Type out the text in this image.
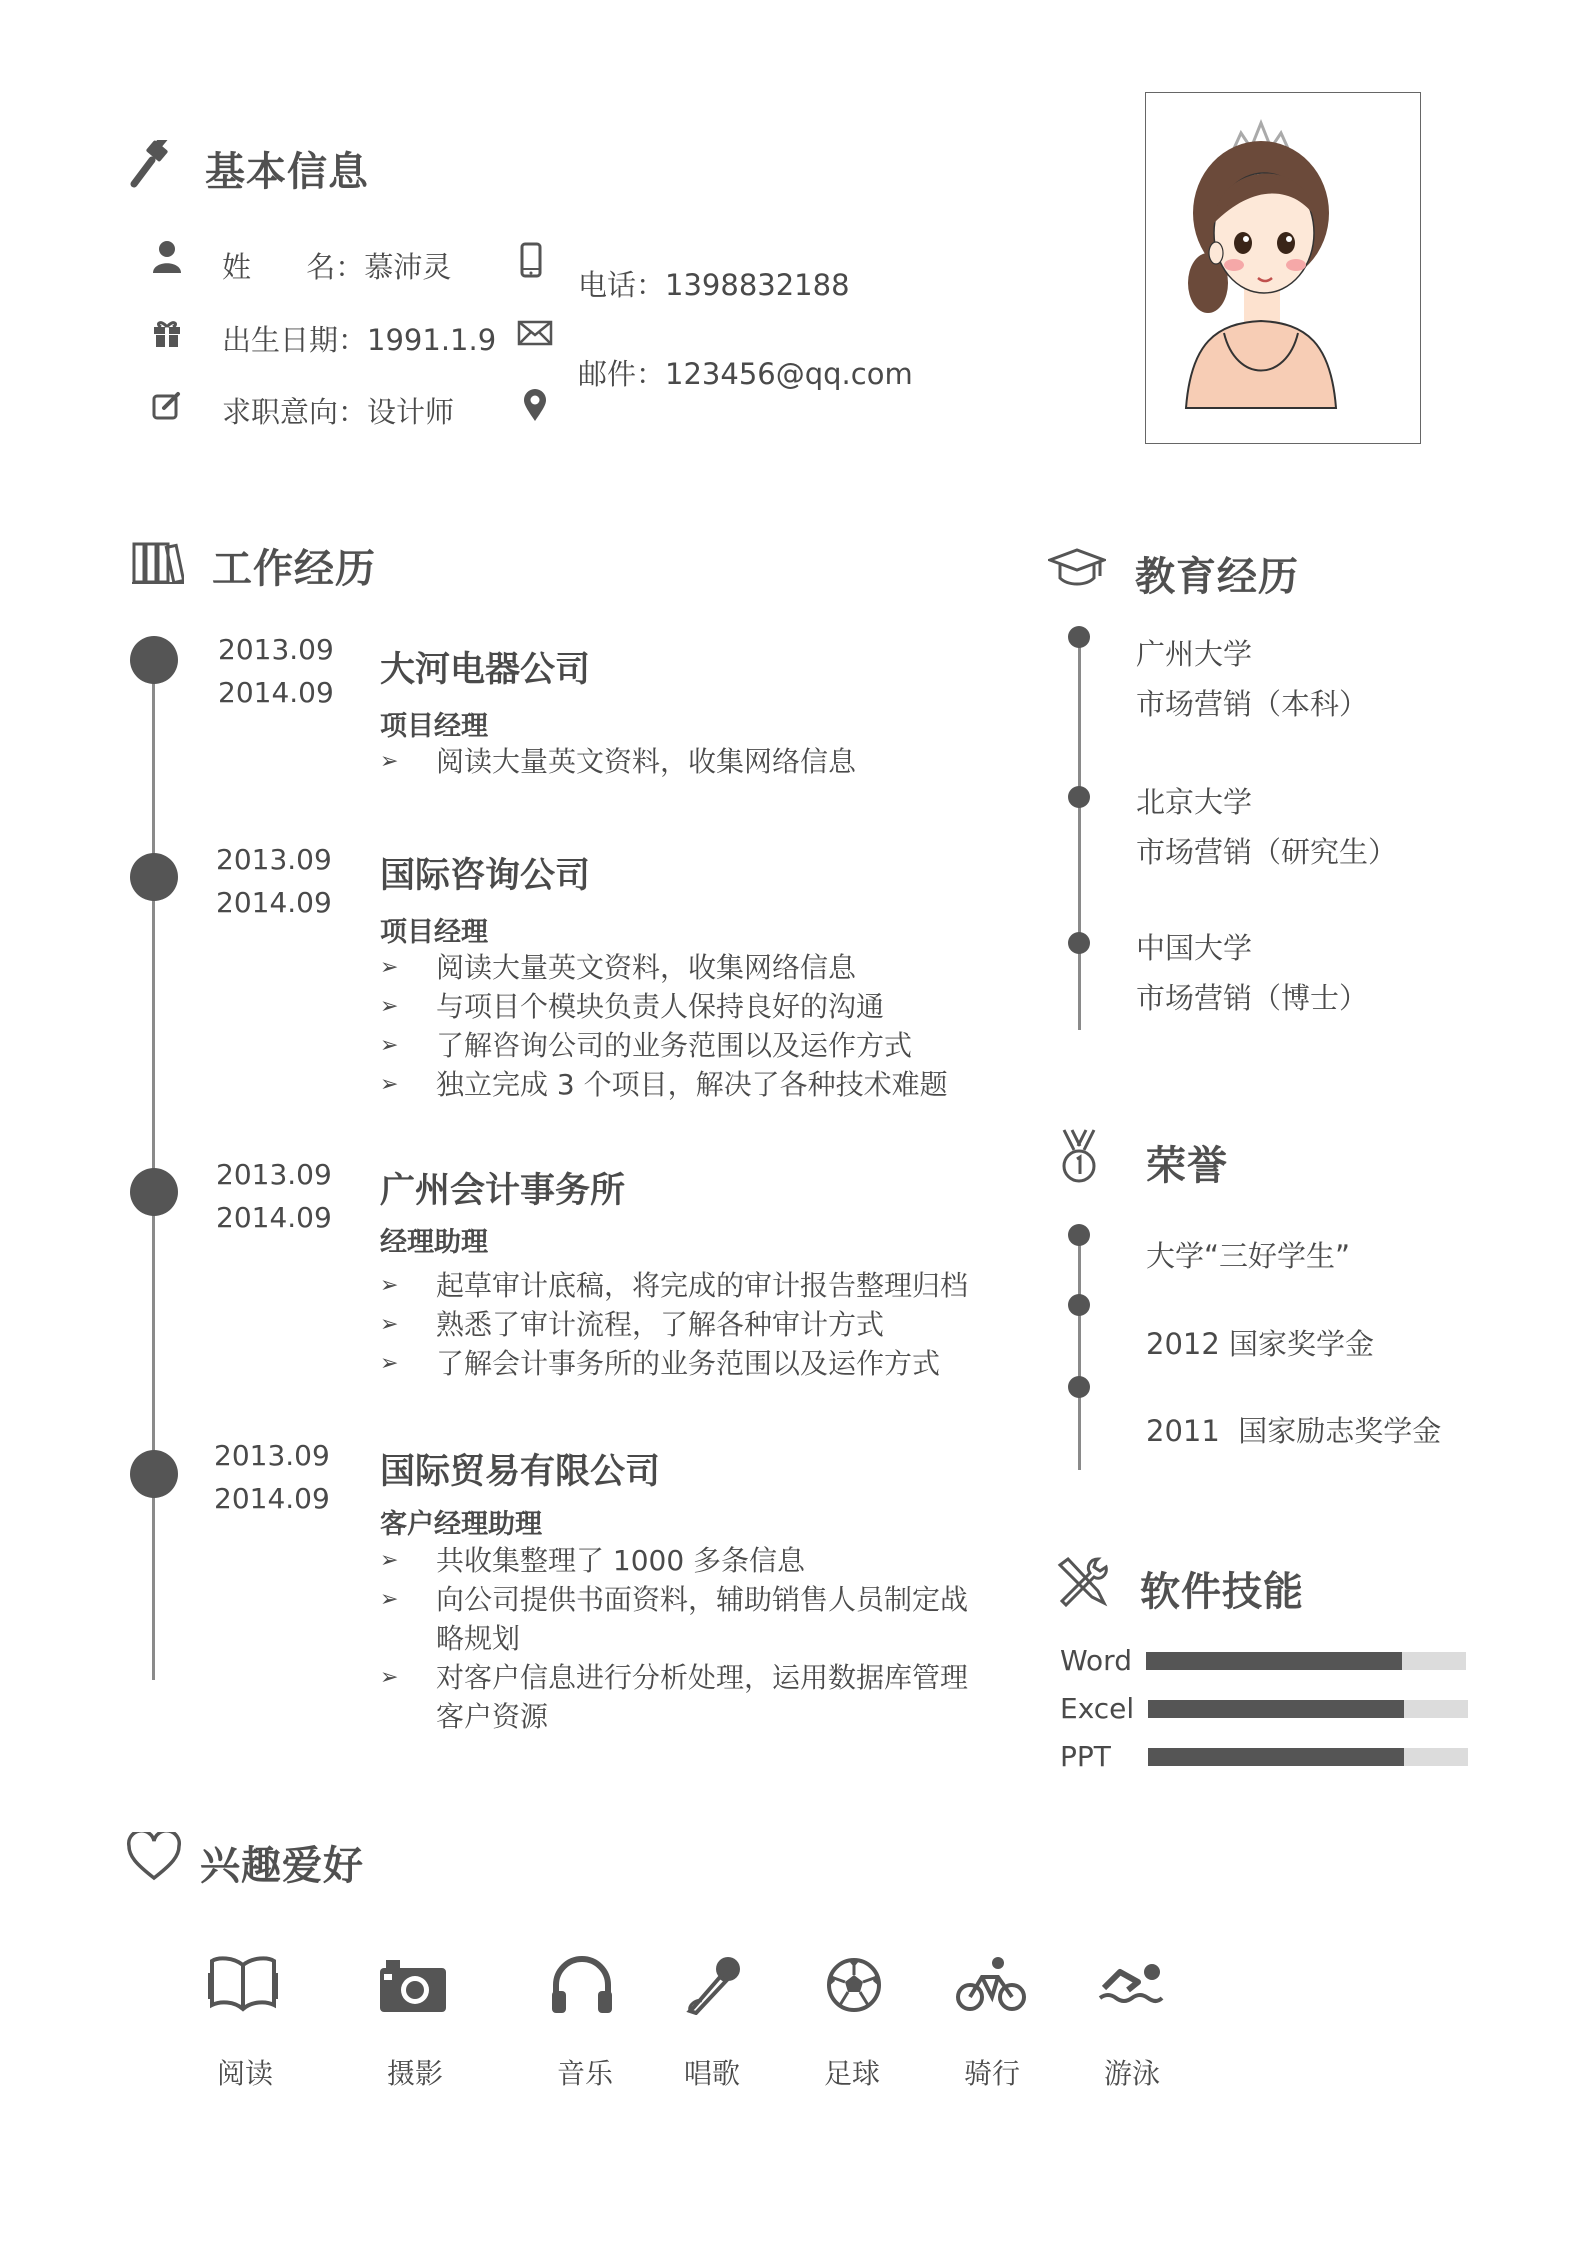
基本信息
姓      名：慕沛灵
出生日期：1991.1.9
求职意向：设计师
电话：1398832188
邮件：123456@qq.com
工作经历
2013.09
2014.09
大河电器公司
项目经理
➢ 阅读大量英文资料，收集网络信息
2013.09
2014.09
国际咨询公司
项目经理
➢ 阅读大量英文资料，收集网络信息
➢ 与项目个模块负责人保持良好的沟通
➢ 了解咨询公司的业务范围以及运作方式
➢ 独立完成 3 个项目，解决了各种技术难题
2013.09
2014.09
广州会计事务所
经理助理
➢ 起草审计底稿，将完成的审计报告整理归档
➢ 熟悉了审计流程，了解各种审计方式
➢ 了解会计事务所的业务范围以及运作方式
2013.09
2014.09
国际贸易有限公司
客户经理助理
➢ 共收集整理了 1000 多条信息
➢ 向公司提供书面资料，辅助销售人员制定战略规划
➢ 对客户信息进行分析处理，运用数据库管理客户资源
教育经历
广州大学
市场营销（本科）
北京大学
市场营销（研究生）
中国大学
市场营销（博士）
荣誉
大学“三好学生”
2012 国家奖学金
2011  国家励志奖学金
软件技能
Word
Excel
PPT
兴趣爱好
阅读	摄影	音乐	唱歌	足球	骑行	游泳
